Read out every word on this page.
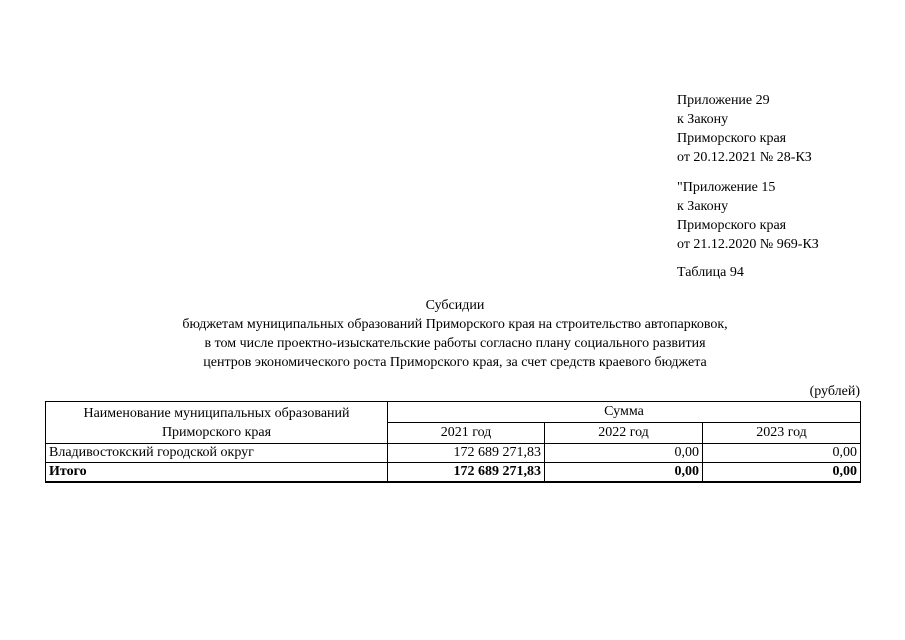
Приложение 29
к Закону
Приморского края
от 20.12.2021 № 28-КЗ
"Приложение 15
к Закону
Приморского края
от 21.12.2020 № 969-КЗ
Таблица 94
Субсидии
бюджетам муниципальных образований Приморского края на строительство автопарковок,
в том числе проектно-изыскательские работы согласно плану социального развития
центров экономического роста Приморского края, за счет средств краевого бюджета
(рублей)
Наименование муниципальных образований Приморского края	Сумма		
	2021 год	2022 год	2023 год
Владивостокский городской округ	172 689 271,83	0,00	0,00
Итого	172 689 271,83	0,00	0,00
